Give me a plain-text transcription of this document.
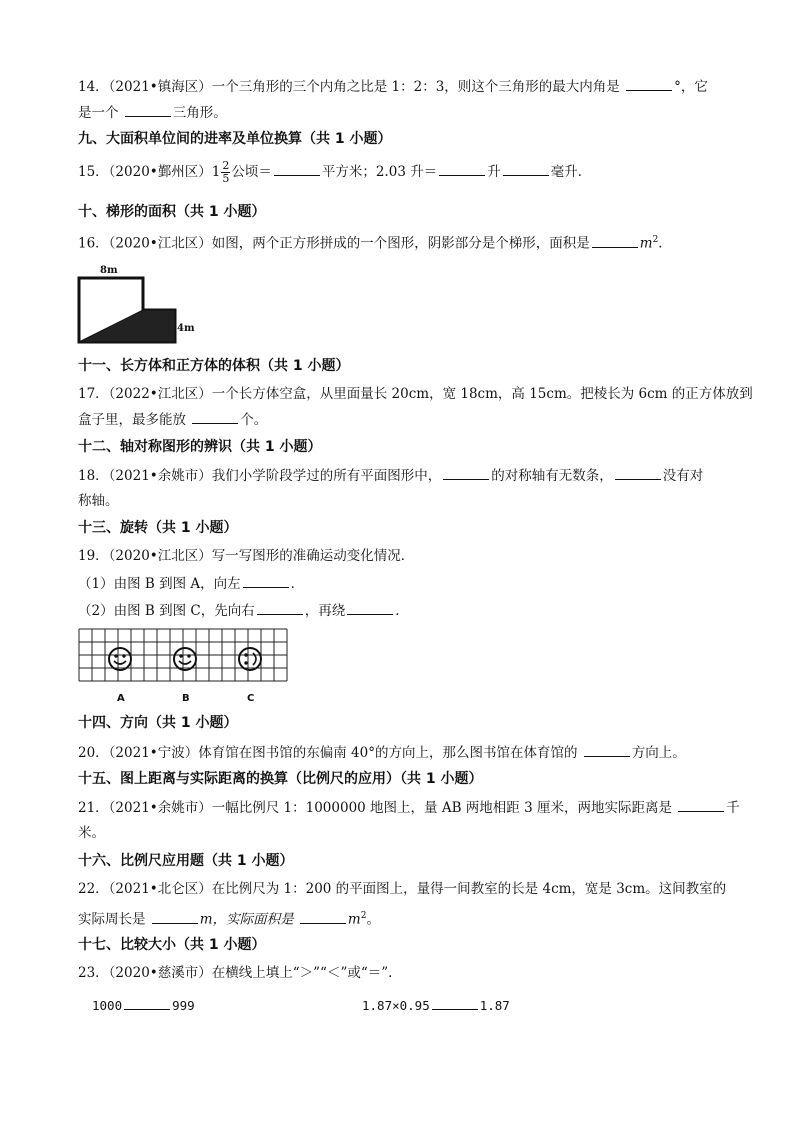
14．（2021•镇海区）一个三角形的三个内角之比是 1：2：3，则这个三角形的最大内角是	°，它
是一个	三角形。
九、大面积单位间的进率及单位换算（共 1 小题）
15．（2020•鄞州区）$1 \frac{2}{5}$ 公顷＝	平方米；2.03 升＝	升	毫升．
十、梯形的面积（共 1 小题）
16．（2020•江北区）如图，两个正方形拼成的一个图形，阴影部分是个梯形，面积是	$m^2$．
8m
4m
十一、长方体和正方体的体积（共 1 小题）
17．（2022•江北区）一个长方体空盒，从里面量长 20cm，宽 18cm，高 15cm。把棱长为 6cm 的正方体放到
盒子里，最多能放	个。
十二、轴对称图形的辨识（共 1 小题）
18．（2021•余姚市）我们小学阶段学过的所有平面图形中，	的对称轴有无数条，	没有对
称轴。
十三、旋转（共 1 小题）
19．（2020•江北区）写一写图形的准确运动变化情况．
（1）由图 B 到图 A，向左	．
（2）由图 B 到图 C，先向右	，再绕	．
A	B	C
十四、方向（共 1 小题）
20．（2021•宁波）体育馆在图书馆的东偏南 40°的方向上，那么图书馆在体育馆的	方向上。
十五、图上距离与实际距离的换算（比例尺的应用）（共 1 小题）
21．（2021•余姚市）一幅比例尺 1：1000000 地图上，量 AB 两地相距 3 厘米，两地实际距离是	千
米。
十六、比例尺应用题（共 1 小题）
22．（2021•北仑区）在比例尺为 1：200 的平面图上，量得一间教室的长是 4cm，宽是 3cm。这间教室的
实际周长是	m，实际面积是	$m^2$。
十七、比较大小（共 1 小题）
23．（2020•慈溪市）在横线上填上“＞”“＜”或“＝”．
1000	999	1.87×0.95	1.87
